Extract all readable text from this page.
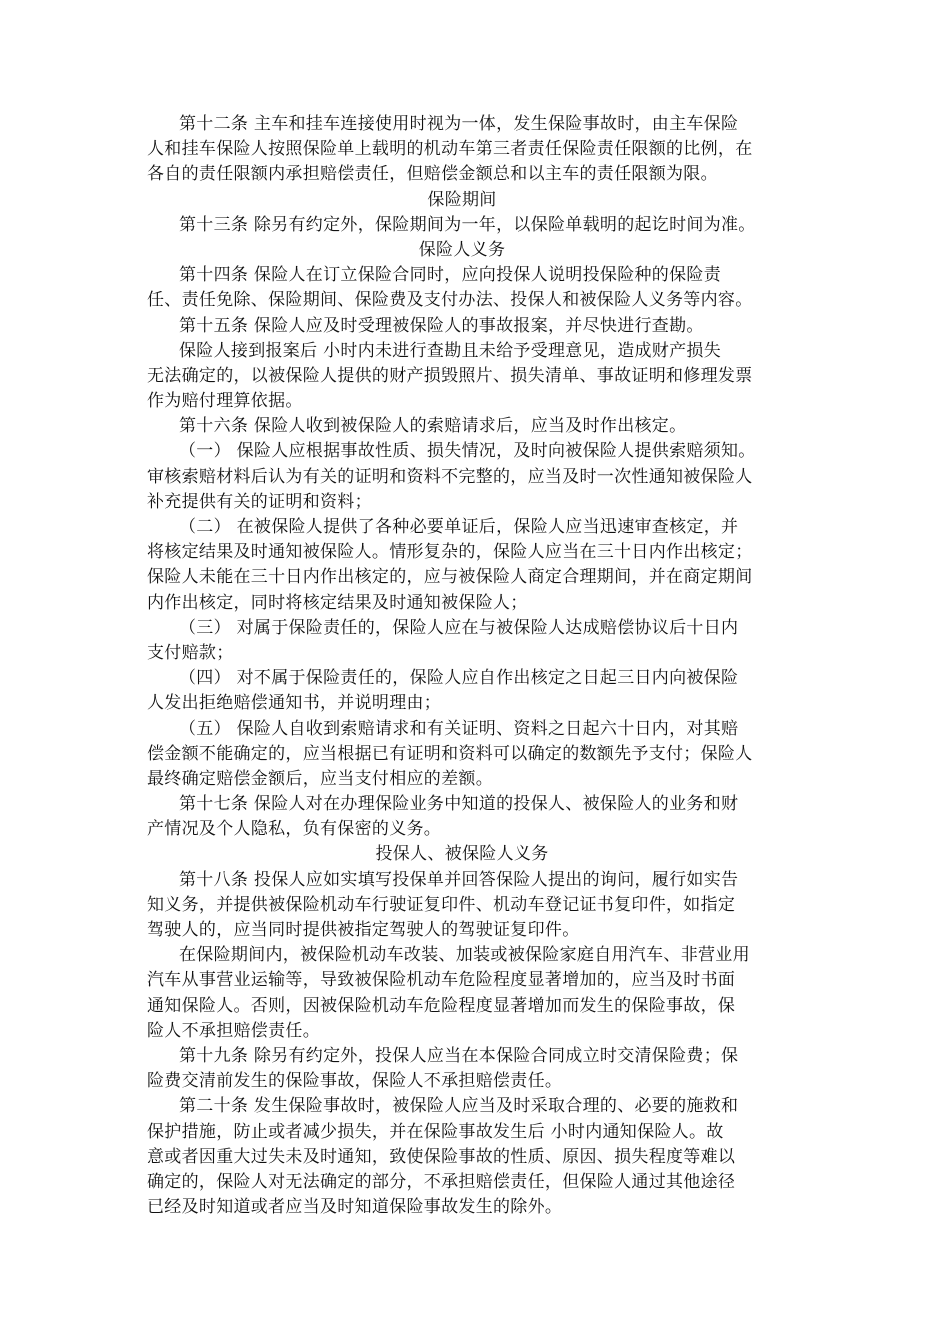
第十二条 主车和挂车连接使用时视为一体，发生保险事故时，由主车保险
人和挂车保险人按照保险单上载明的机动车第三者责任保险责任限额的比例，在
各自的责任限额内承担赔偿责任，但赔偿金额总和以主车的责任限额为限。
保险期间
第十三条 除另有约定外，保险期间为一年，以保险单载明的起讫时间为准。
保险人义务
第十四条 保险人在订立保险合同时，应向投保人说明投保险种的保险责
任、责任免除、保险期间、保险费及支付办法、投保人和被保险人义务等内容。
第十五条 保险人应及时受理被保险人的事故报案，并尽快进行查勘。
保险人接到报案后 小时内未进行查勘且未给予受理意见，造成财产损失
无法确定的，以被保险人提供的财产损毁照片、损失清单、事故证明和修理发票
作为赔付理算依据。
第十六条 保险人收到被保险人的索赔请求后，应当及时作出核定。
（一） 保险人应根据事故性质、损失情况，及时向被保险人提供索赔须知。
审核索赔材料后认为有关的证明和资料不完整的，应当及时一次性通知被保险人
补充提供有关的证明和资料；
（二） 在被保险人提供了各种必要单证后，保险人应当迅速审查核定，并
将核定结果及时通知被保险人。情形复杂的，保险人应当在三十日内作出核定；
保险人未能在三十日内作出核定的，应与被保险人商定合理期间，并在商定期间
内作出核定，同时将核定结果及时通知被保险人；
（三） 对属于保险责任的，保险人应在与被保险人达成赔偿协议后十日内
支付赔款；
（四） 对不属于保险责任的，保险人应自作出核定之日起三日内向被保险
人发出拒绝赔偿通知书，并说明理由；
（五） 保险人自收到索赔请求和有关证明、资料之日起六十日内，对其赔
偿金额不能确定的，应当根据已有证明和资料可以确定的数额先予支付；保险人
最终确定赔偿金额后，应当支付相应的差额。
第十七条 保险人对在办理保险业务中知道的投保人、被保险人的业务和财
产情况及个人隐私，负有保密的义务。
投保人、被保险人义务
第十八条 投保人应如实填写投保单并回答保险人提出的询问，履行如实告
知义务，并提供被保险机动车行驶证复印件、机动车登记证书复印件，如指定
驾驶人的，应当同时提供被指定驾驶人的驾驶证复印件。
在保险期间内，被保险机动车改装、加装或被保险家庭自用汽车、非营业用
汽车从事营业运输等，导致被保险机动车危险程度显著增加的，应当及时书面
通知保险人。否则，因被保险机动车危险程度显著增加而发生的保险事故，保
险人不承担赔偿责任。
第十九条 除另有约定外，投保人应当在本保险合同成立时交清保险费；保
险费交清前发生的保险事故，保险人不承担赔偿责任。
第二十条 发生保险事故时，被保险人应当及时采取合理的、必要的施救和
保护措施，防止或者减少损失，并在保险事故发生后 小时内通知保险人。故
意或者因重大过失未及时通知，致使保险事故的性质、原因、损失程度等难以
确定的，保险人对无法确定的部分，不承担赔偿责任，但保险人通过其他途径
已经及时知道或者应当及时知道保险事故发生的除外。
